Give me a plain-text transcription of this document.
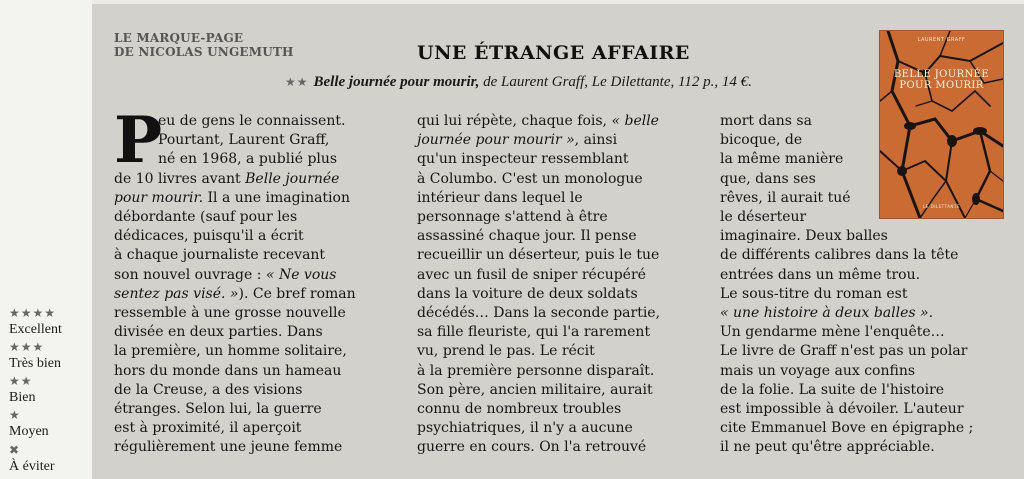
★★★★
Excellent
★★★
Très bien
★★
Bien
★
Moyen
✖
À éviter
LE MARQUE-PAGE
DE NICOLAS UNGEMUTH	UNE ÉTRANGE AFFAIRE
★★ Belle journée pour mourir, de Laurent Graff, Le Dilettante, 112 p., 14 €.
P
eu de gens le connaissent.
Pourtant, Laurent Graff,
né en 1968, a publié plus
de 10 livres avant Belle journée
pour mourir. Il a une imagination
débordante (sauf pour les
dédicaces, puisqu'il a écrit
à chaque journaliste recevant
son nouvel ouvrage : « Ne vous
sentez pas visé. »). Ce bref roman
ressemble à une grosse nouvelle
divisée en deux parties. Dans
la première, un homme solitaire,
hors du monde dans un hameau
de la Creuse, a des visions
étranges. Selon lui, la guerre
est à proximité, il aperçoit
régulièrement une jeune femme
qui lui répète, chaque fois, « belle
journée pour mourir », ainsi
qu'un inspecteur ressemblant
à Columbo. C'est un monologue
intérieur dans lequel le
personnage s'attend à être
assassiné chaque jour. Il pense
recueillir un déserteur, puis le tue
avec un fusil de sniper récupéré
dans la voiture de deux soldats
décédés… Dans la seconde partie,
sa fille fleuriste, qui l'a rarement
vu, prend le pas. Le récit
à la première personne disparaît.
Son père, ancien militaire, aurait
connu de nombreux troubles
psychiatriques, il n'y a aucune
guerre en cours. On l'a retrouvé
mort dans sa
bicoque, de
la même manière
que, dans ses
rêves, il aurait tué
le déserteur
imaginaire. Deux balles
de différents calibres dans la tête
entrées dans un même trou.
Le sous-titre du roman est
« une histoire à deux balles ».
Un gendarme mène l'enquête…
Le livre de Graff n'est pas un polar
mais un voyage aux confins
de la folie. La suite de l'histoire
est impossible à dévoiler. L'auteur
cite Emmanuel Bove en épigraphe ;
il ne peut qu'être appréciable.
LAURENT GRAFF
BELLE JOURNÉE
POUR MOURIR
LE DILETTANTE
